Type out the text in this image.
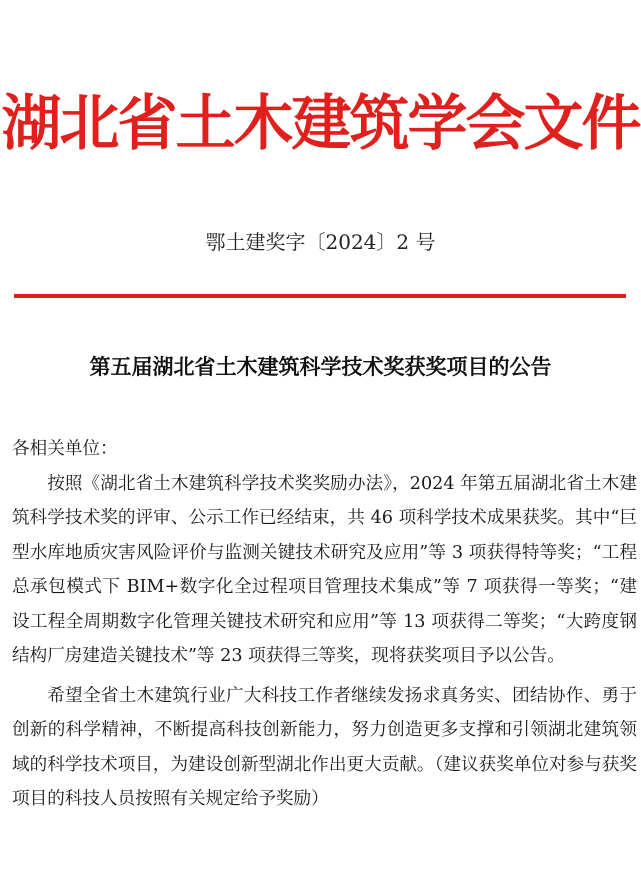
湖北省土木建筑学会文件
鄂土建奖字〔2024〕2 号
第五届湖北省土木建筑科学技术奖获奖项目的公告

各相关单位：

按照《湖北省土木建筑科学技术奖奖励办法》，2024 年第五届湖北省土木建筑科学技术奖的评审、公示工作已经结束，共 46 项科学技术成果获奖。其中“巨型水库地质灾害风险评价与监测关键技术研究及应用”等 3 项获得特等奖；“工程总承包模式下 BIM+数字化全过程项目管理技术集成”等 7 项获得一等奖；“建设工程全周期数字化管理关键技术研究和应用”等 13 项获得二等奖；“大跨度钢结构厂房建造关键技术”等 23 项获得三等奖，现将获奖项目予以公告。

希望全省土木建筑行业广大科技工作者继续发扬求真务实、团结协作、勇于创新的科学精神，不断提高科技创新能力，努力创造更多支撑和引领湖北建筑领域的科学技术项目，为建设创新型湖北作出更大贡献。（建议获奖单位对参与获奖项目的科技人员按照有关规定给予奖励）
